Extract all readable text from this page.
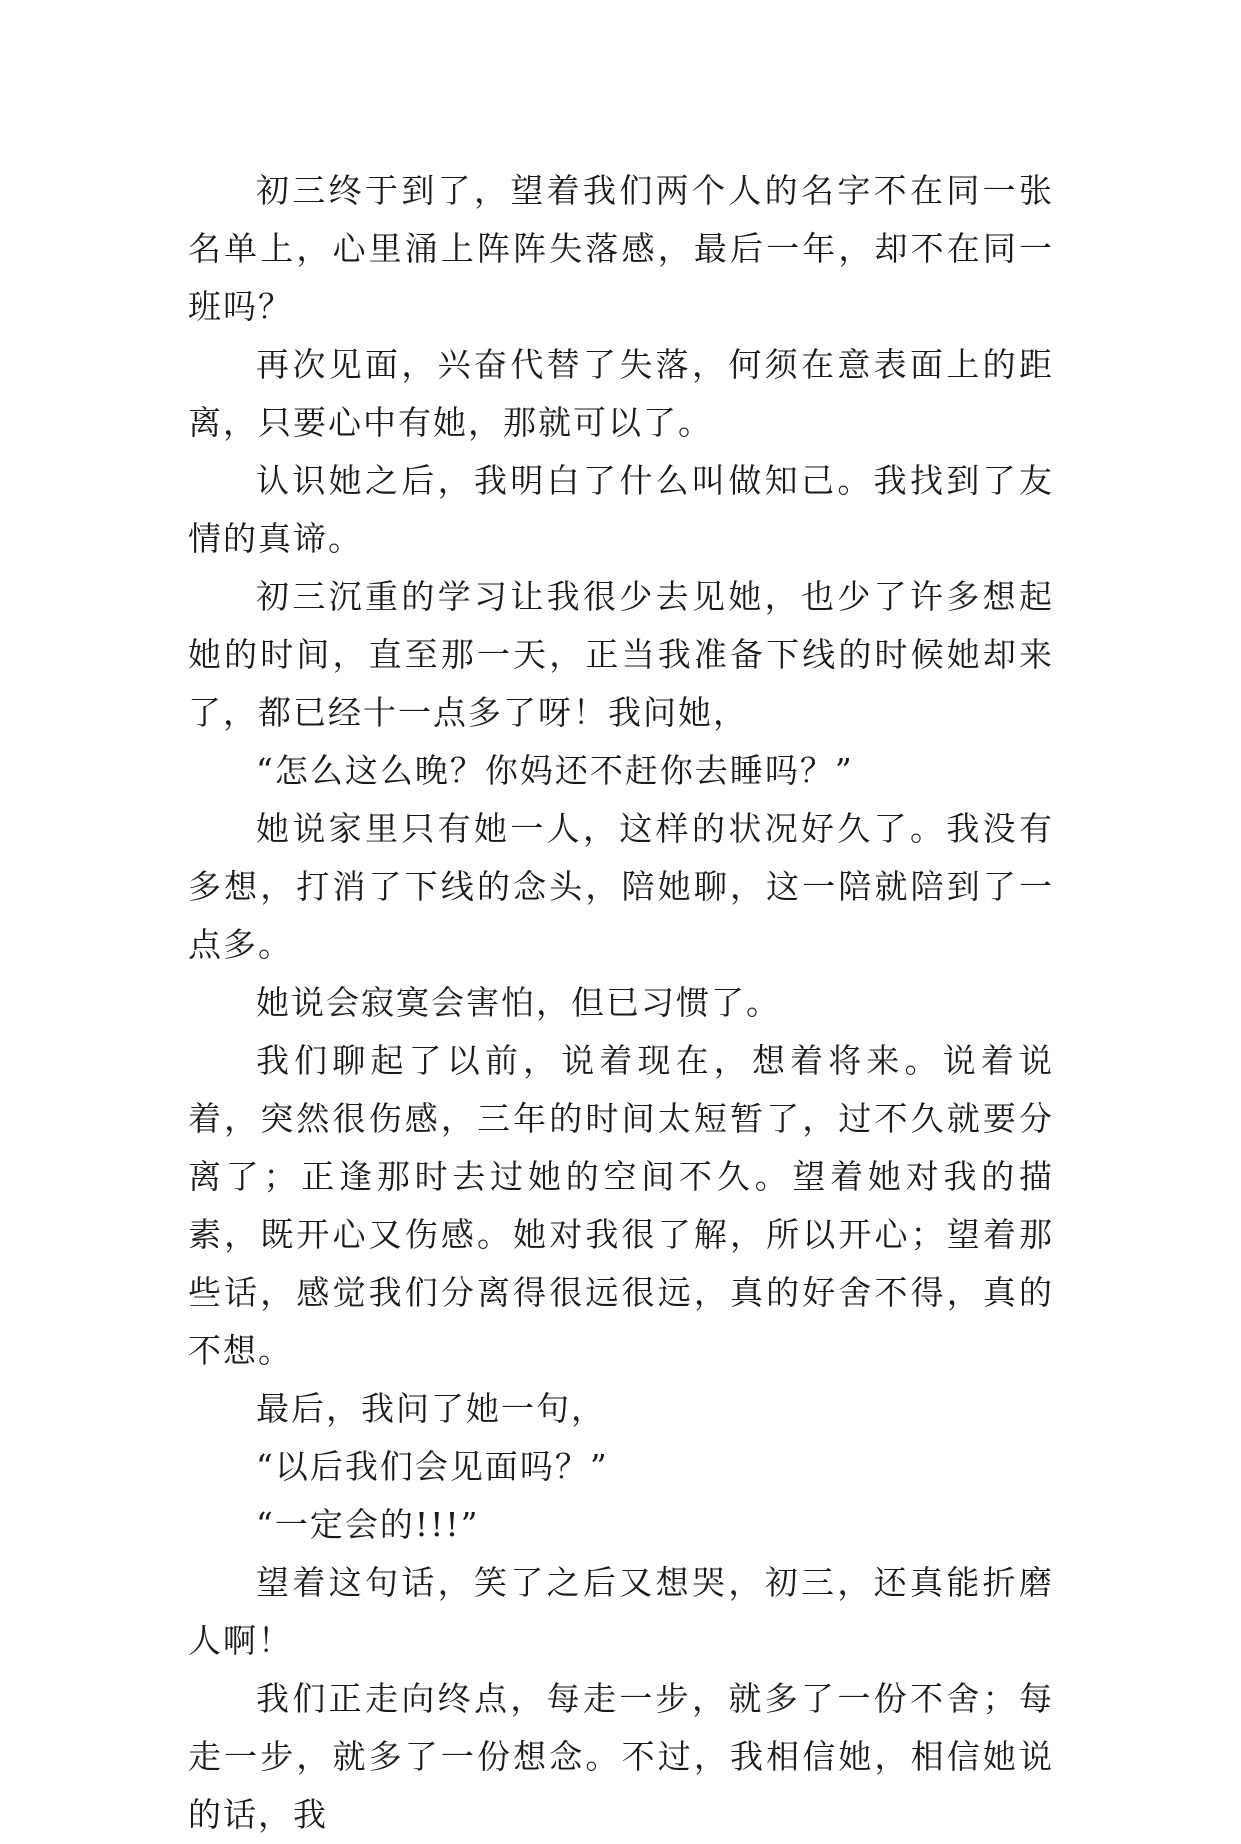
初三终于到了，望着我们两个人的名字不在同一张名单上，心里涌上阵阵失落感，最后一年，却不在同一班吗？

再次见面，兴奋代替了失落，何须在意表面上的距离，只要心中有她，那就可以了。

认识她之后，我明白了什么叫做知己。我找到了友情的真谛。

初三沉重的学习让我很少去见她，也少了许多想起她的时间，直至那一天，正当我准备下线的时候她却来了，都已经十一点多了呀！我问她，

“怎么这么晚？你妈还不赶你去睡吗？”

她说家里只有她一人，这样的状况好久了。我没有多想，打消了下线的念头，陪她聊，这一陪就陪到了一点多。

她说会寂寞会害怕，但已习惯了。

我们聊起了以前，说着现在，想着将来。说着说着，突然很伤感，三年的时间太短暂了，过不久就要分离了；正逢那时去过她的空间不久。望着她对我的描素，既开心又伤感。她对我很了解，所以开心；望着那些话，感觉我们分离得很远很远，真的好舍不得，真的不想。

最后，我问了她一句，

“以后我们会见面吗？”

“一定会的!!!”

望着这句话，笑了之后又想哭，初三，还真能折磨人啊！

我们正走向终点，每走一步，就多了一份不舍；每走一步，就多了一份想念。不过，我相信她，相信她说的话，我
